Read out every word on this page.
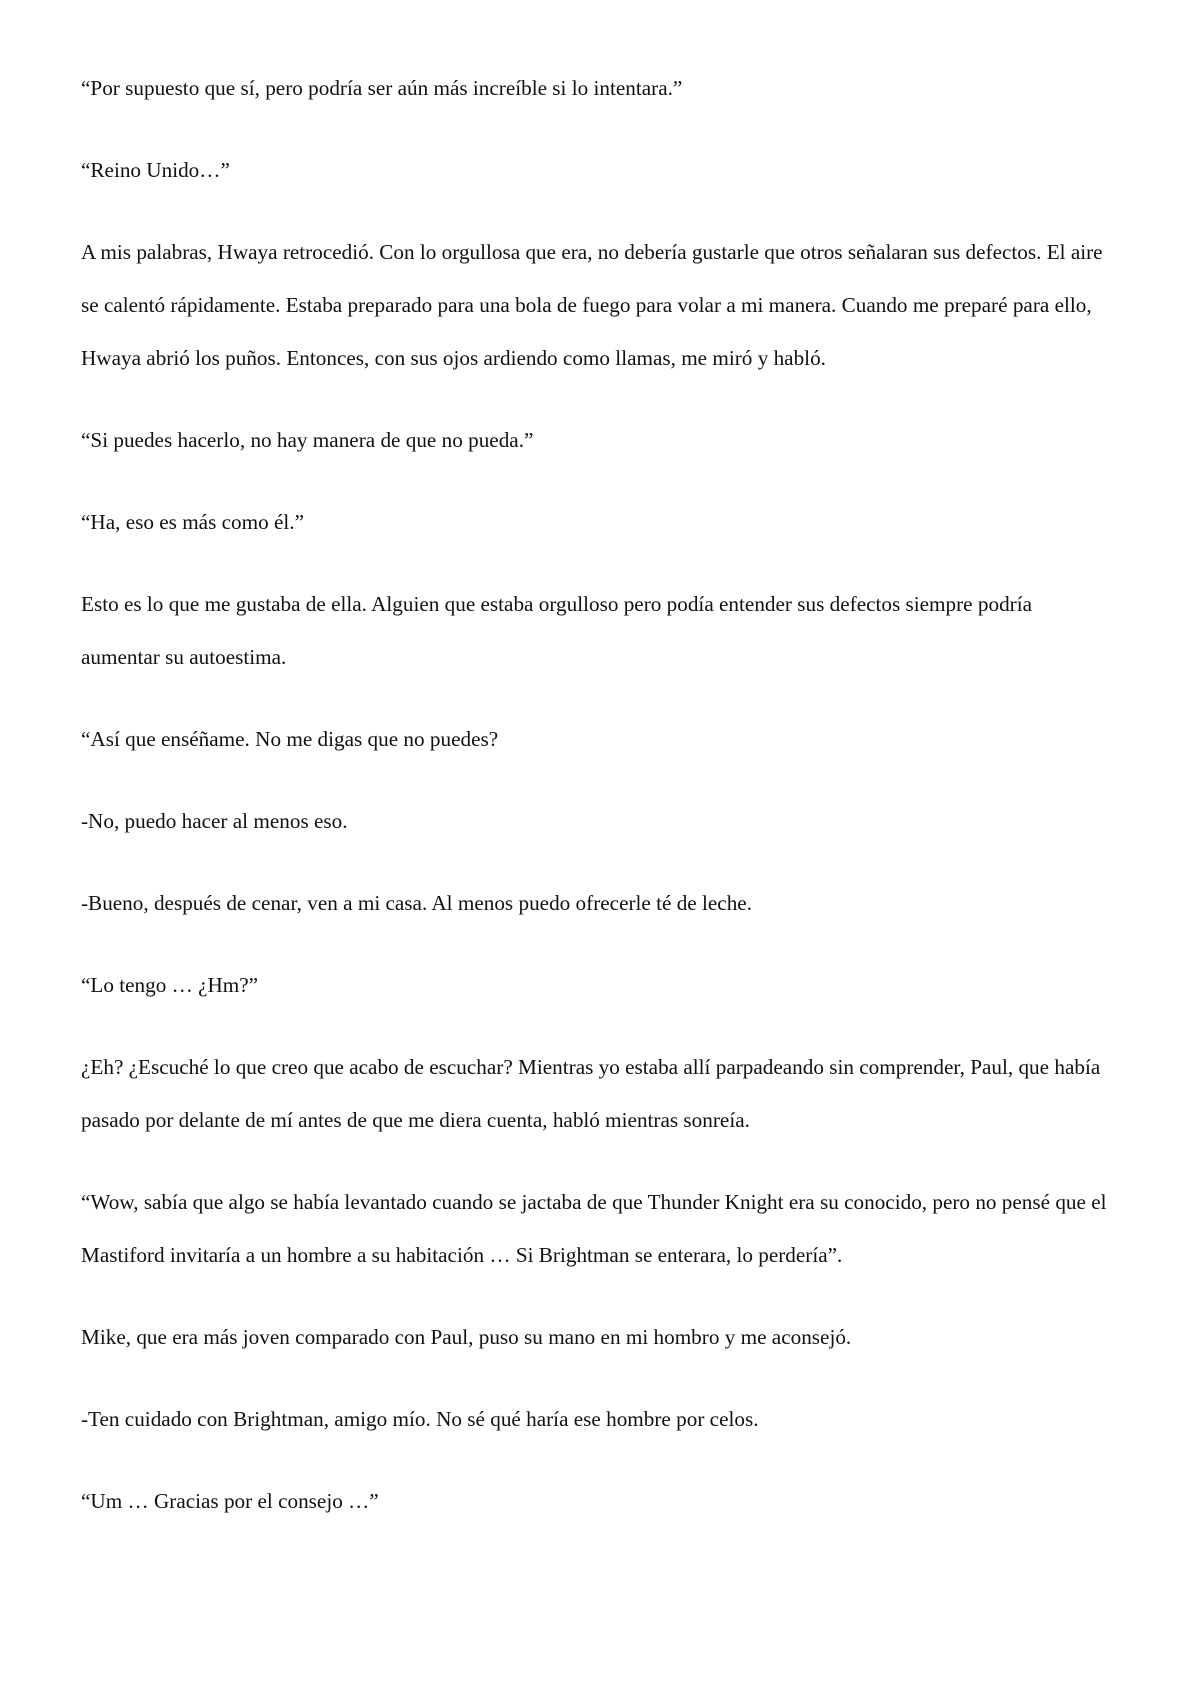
“Por supuesto que sí, pero podría ser aún más increíble si lo intentara.”

“Reino Unido…”

A mis palabras, Hwaya retrocedió. Con lo orgullosa que era, no debería gustarle que otros señalaran sus defectos. El aire se calentó rápidamente. Estaba preparado para una bola de fuego para volar a mi manera. Cuando me preparé para ello, Hwaya abrió los puños. Entonces, con sus ojos ardiendo como llamas, me miró y habló.

“Si puedes hacerlo, no hay manera de que no pueda.”

“Ha, eso es más como él.”

Esto es lo que me gustaba de ella. Alguien que estaba orgulloso pero podía entender sus defectos siempre podría aumentar su autoestima.

“Así que enséñame. No me digas que no puedes?

-No, puedo hacer al menos eso.

-Bueno, después de cenar, ven a mi casa. Al menos puedo ofrecerle té de leche.

“Lo tengo … ¿Hm?”

¿Eh? ¿Escuché lo que creo que acabo de escuchar? Mientras yo estaba allí parpadeando sin comprender, Paul, que había pasado por delante de mí antes de que me diera cuenta, habló mientras sonreía.

“Wow, sabía que algo se había levantado cuando se jactaba de que Thunder Knight era su conocido, pero no pensé que el Mastiford invitaría a un hombre a su habitación … Si Brightman se enterara, lo perdería”.

Mike, que era más joven comparado con Paul, puso su mano en mi hombro y me aconsejó.

-Ten cuidado con Brightman, amigo mío. No sé qué haría ese hombre por celos.

“Um … Gracias por el consejo …”
